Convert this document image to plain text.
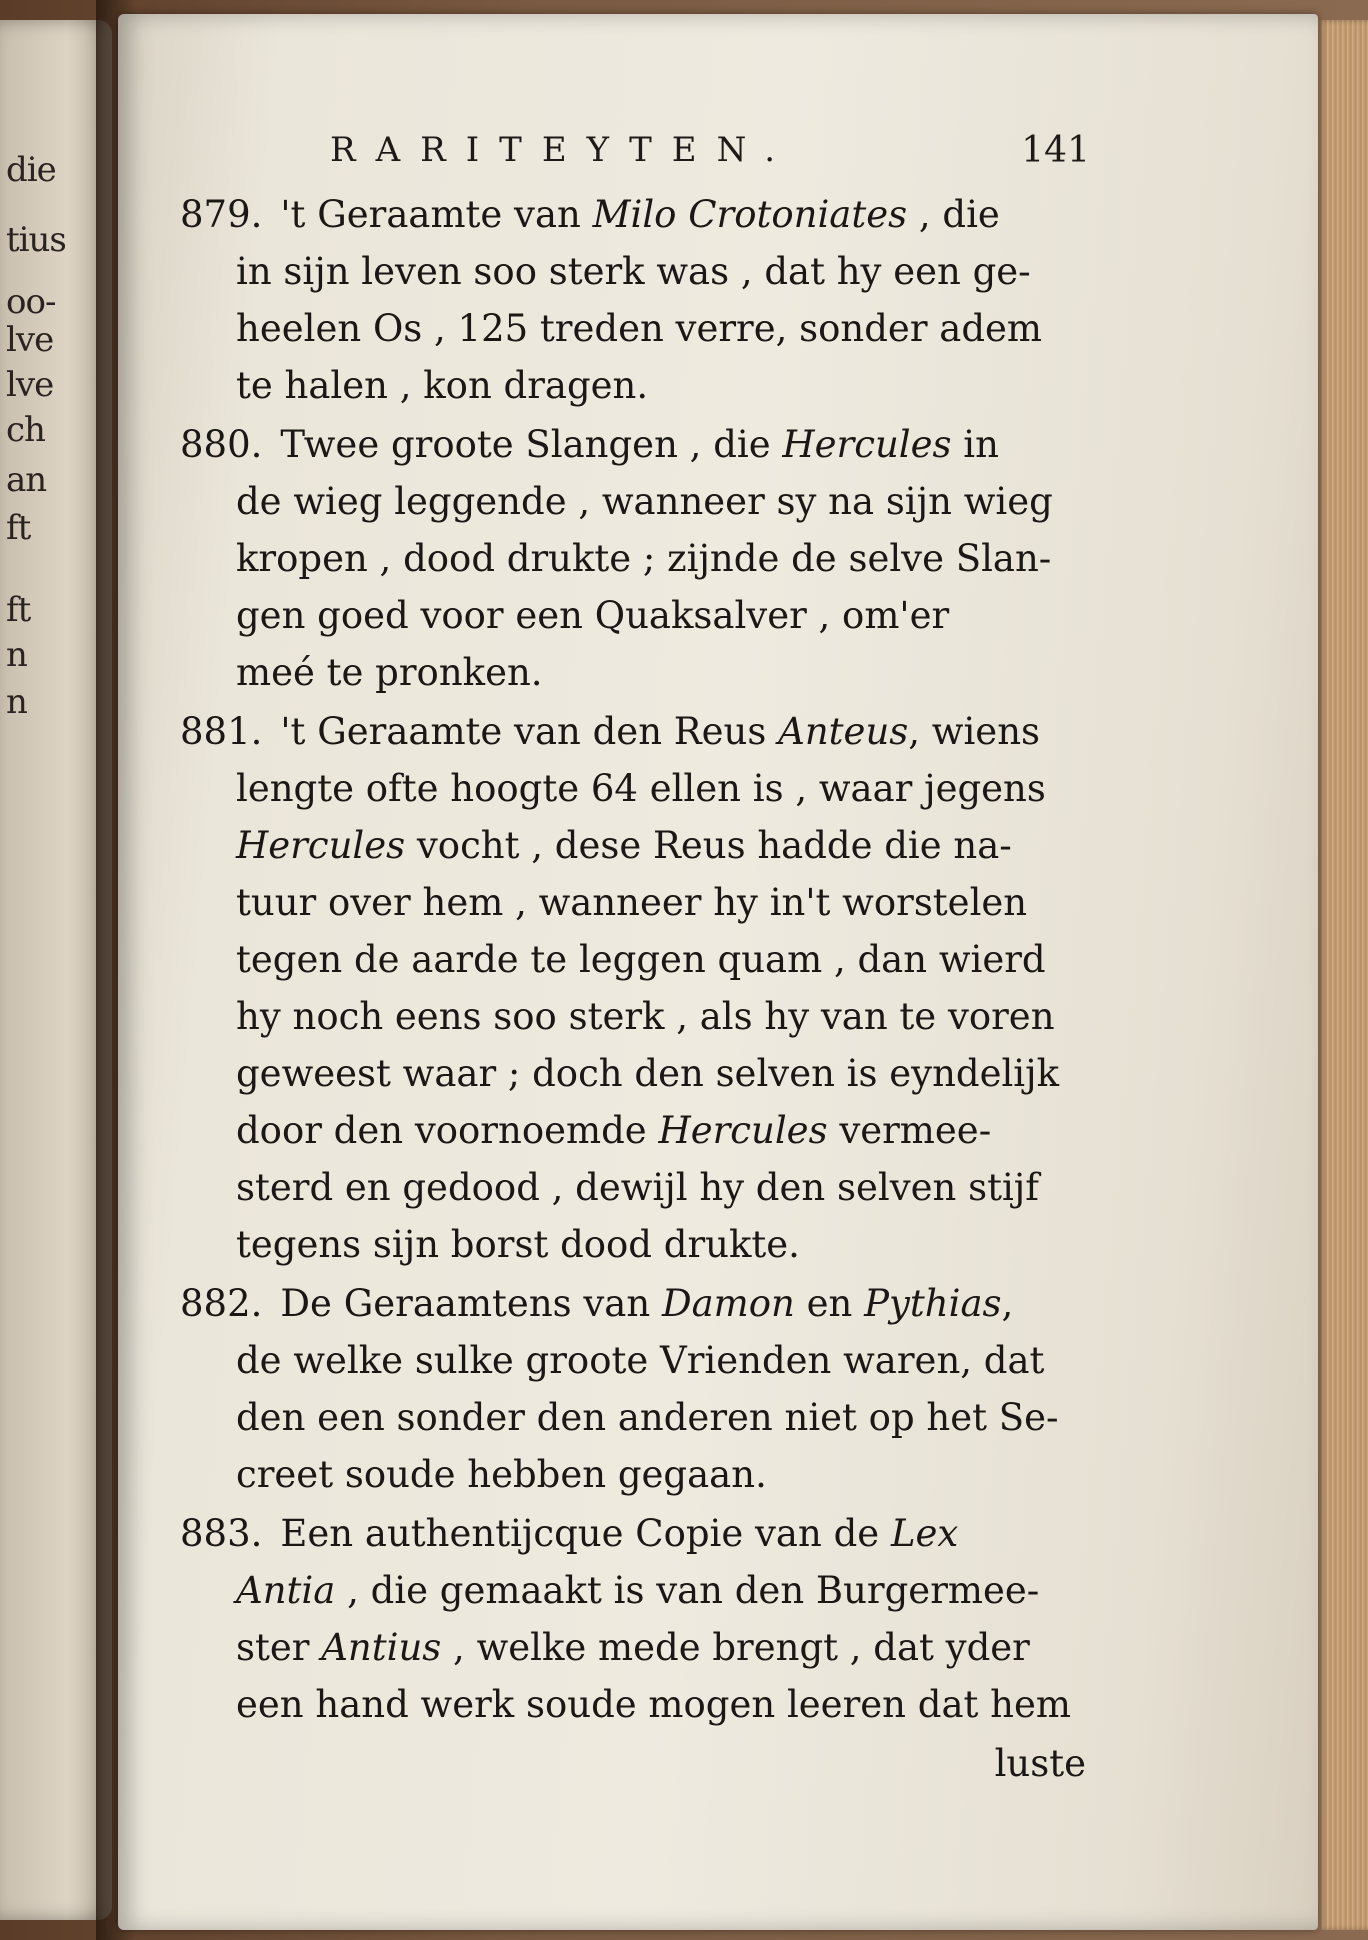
die
tius
oo-
lve
lve
ch
an
ft
ft
n
n
RARITEYTEN.	141
879. 't Geraamte van Milo Crotoniates , die
in sijn leven soo sterk was , dat hy een ge-
heelen Os , 125 treden verre, sonder adem
te halen , kon dragen.
880. Twee groote Slangen , die Hercules in
de wieg leggende , wanneer sy na sijn wieg
kropen , dood drukte ; zijnde de selve Slan-
gen goed voor een Quaksalver , om'er
meé te pronken.
881. 't Geraamte van den Reus Anteus, wiens
lengte ofte hoogte 64 ellen is , waar jegens
Hercules vocht , dese Reus hadde die na-
tuur over hem , wanneer hy in't worstelen
tegen de aarde te leggen quam , dan wierd
hy noch eens soo sterk , als hy van te voren
geweest waar ; doch den selven is eyndelijk
door den voornoemde Hercules vermee-
sterd en gedood , dewijl hy den selven stijf
tegens sijn borst dood drukte.
882. De Geraamtens van Damon en Pythias,
de welke sulke groote Vrienden waren, dat
den een sonder den anderen niet op het Se-
creet soude hebben gegaan.
883. Een authentijcque Copie van de Lex
Antia , die gemaakt is van den Burgermee-
ster Antius , welke mede brengt , dat yder
een hand werk soude mogen leeren dat hem
luste
